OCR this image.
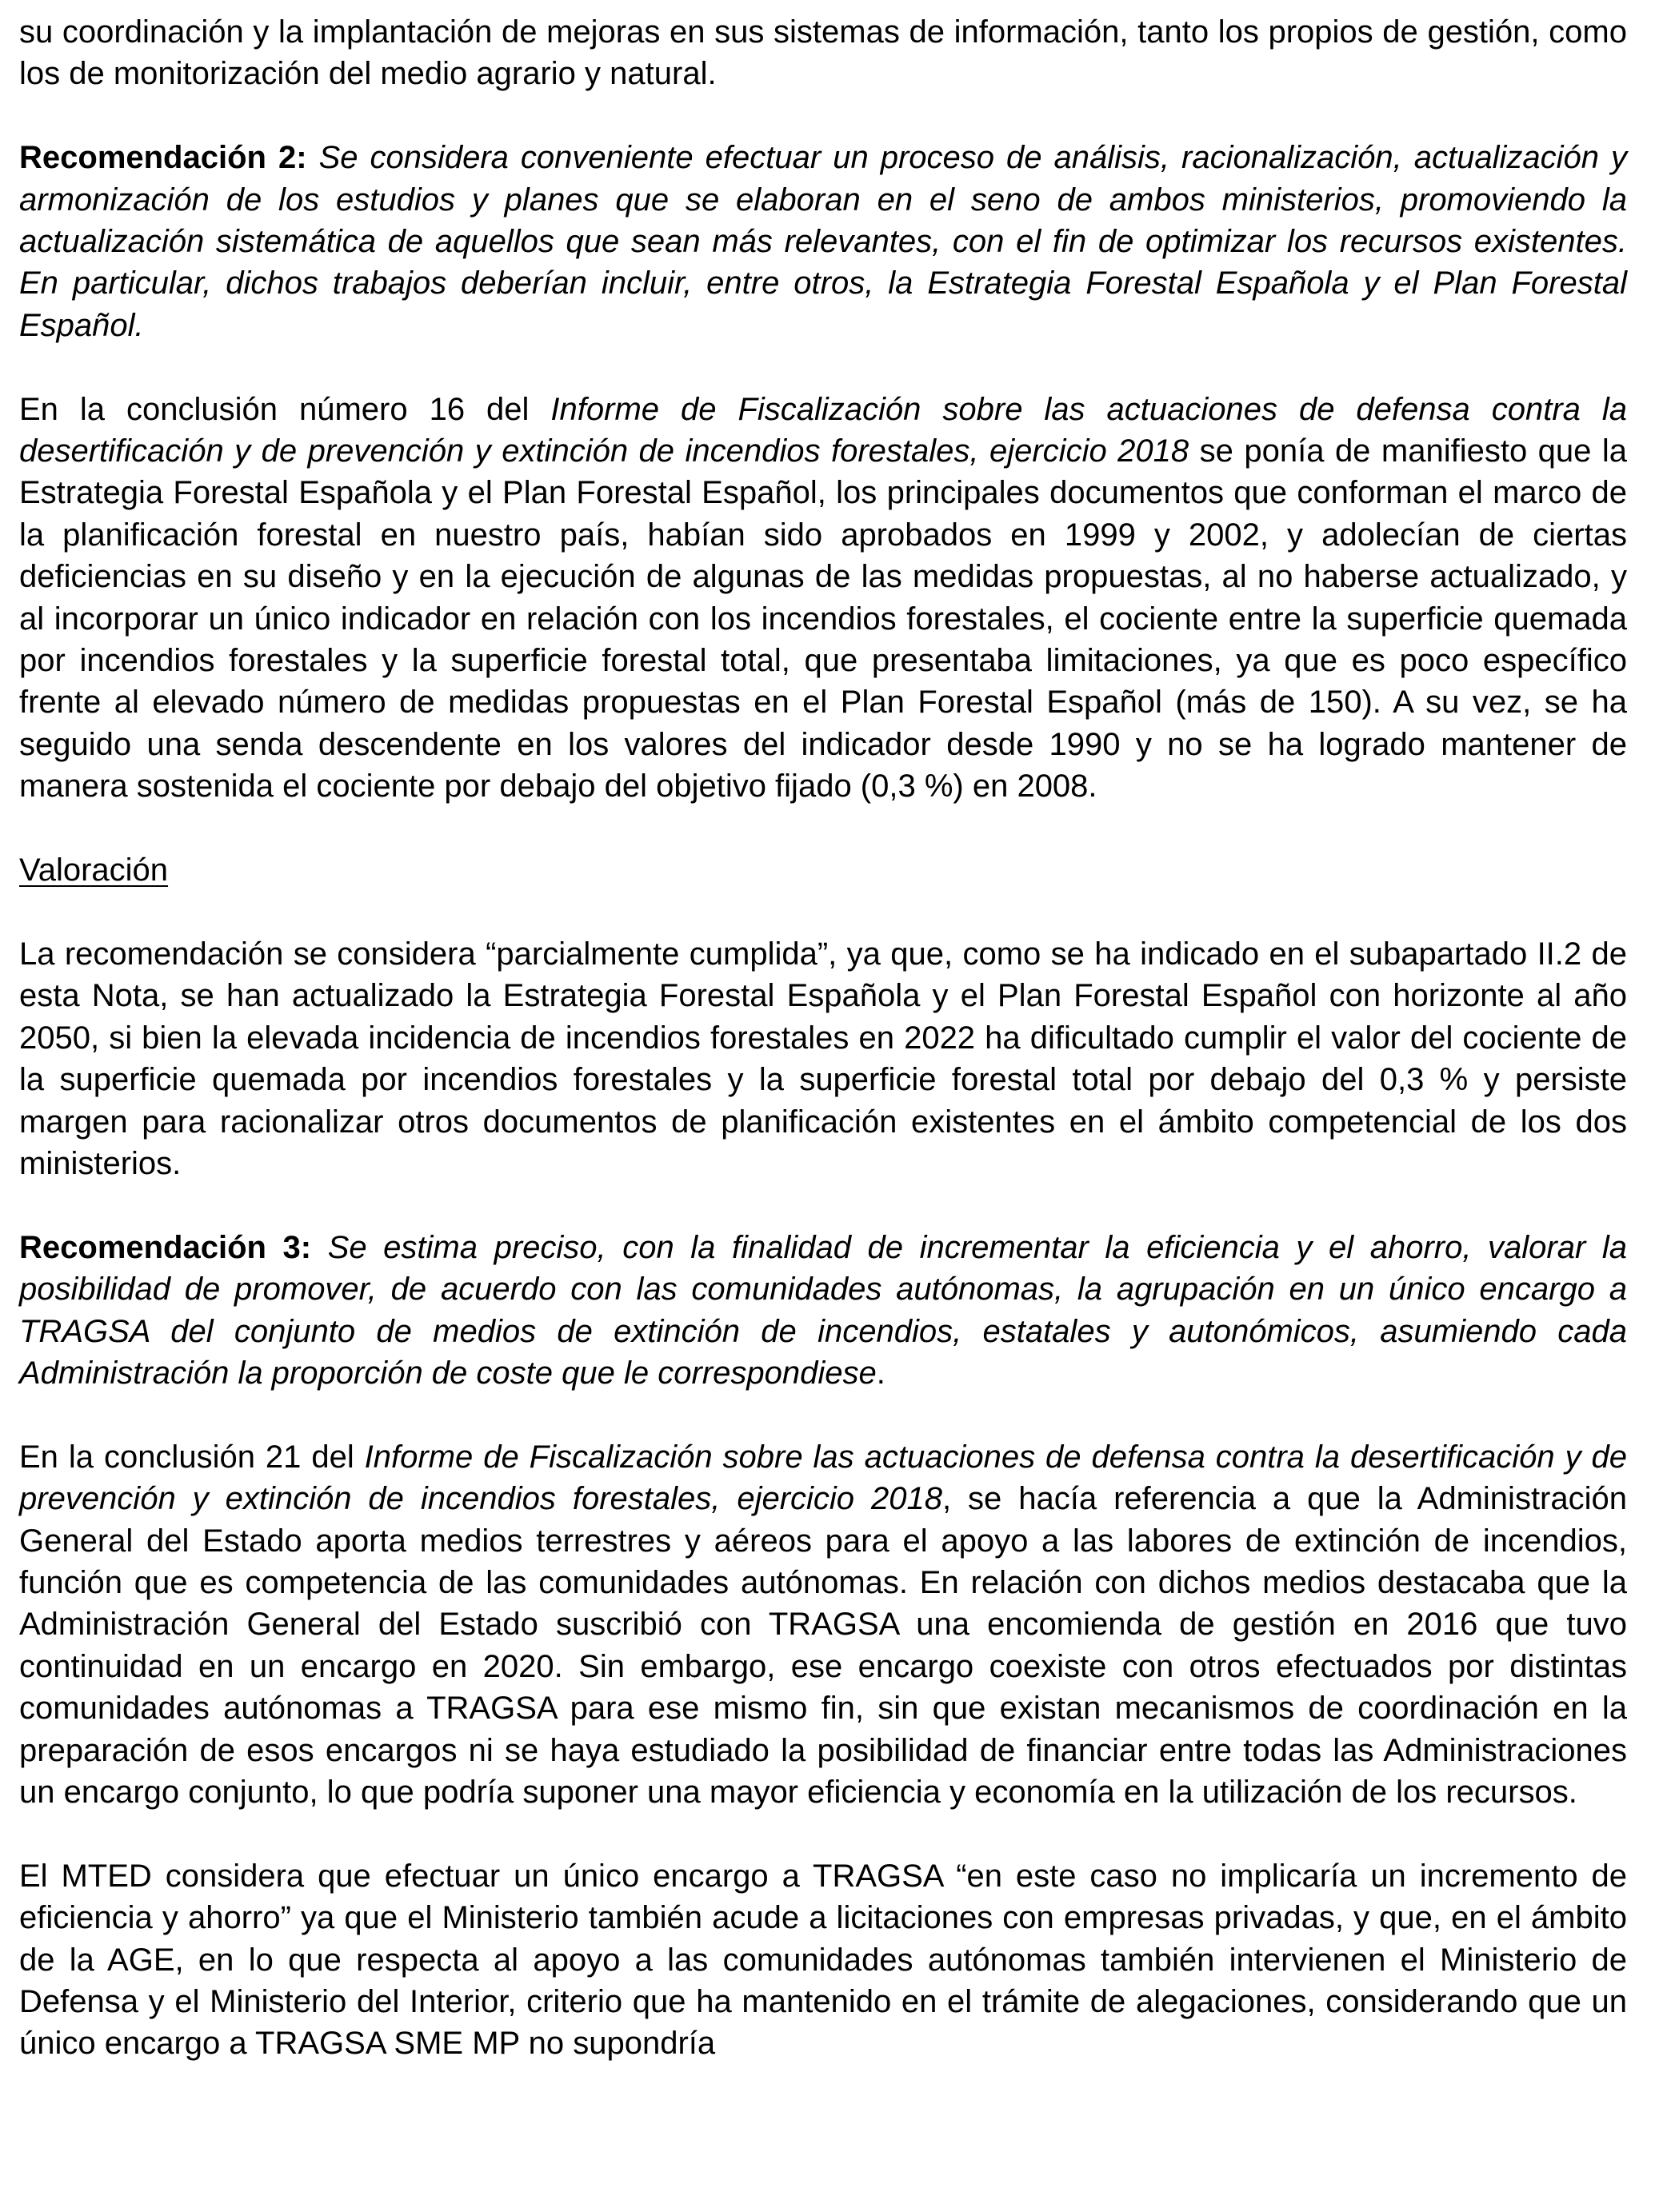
su coordinación y la implantación de mejoras en sus sistemas de información, tanto los propios de gestión, como los de monitorización del medio agrario y natural.

Recomendación 2: Se considera conveniente efectuar un proceso de análisis, racionalización, actualización y armonización de los estudios y planes que se elaboran en el seno de ambos ministerios, promoviendo la actualización sistemática de aquellos que sean más relevantes, con el fin de optimizar los recursos existentes. En particular, dichos trabajos deberían incluir, entre otros, la Estrategia Forestal Española y el Plan Forestal Español.

En la conclusión número 16 del Informe de Fiscalización sobre las actuaciones de defensa contra la desertificación y de prevención y extinción de incendios forestales, ejercicio 2018 se ponía de manifiesto que la Estrategia Forestal Española y el Plan Forestal Español, los principales documentos que conforman el marco de la planificación forestal en nuestro país, habían sido aprobados en 1999 y 2002, y adolecían de ciertas deficiencias en su diseño y en la ejecución de algunas de las medidas propuestas, al no haberse actualizado, y al incorporar un único indicador en relación con los incendios forestales, el cociente entre la superficie quemada por incendios forestales y la superficie forestal total, que presentaba limitaciones, ya que es poco específico frente al elevado número de medidas propuestas en el Plan Forestal Español (más de 150). A su vez, se ha seguido una senda descendente en los valores del indicador desde 1990 y no se ha logrado mantener de manera sostenida el cociente por debajo del objetivo fijado (0,3 %) en 2008.

Valoración

La recomendación se considera “parcialmente cumplida”, ya que, como se ha indicado en el subapartado II.2 de esta Nota, se han actualizado la Estrategia Forestal Española y el Plan Forestal Español con horizonte al año 2050, si bien la elevada incidencia de incendios forestales en 2022 ha dificultado cumplir el valor del cociente de la superficie quemada por incendios forestales y la superficie forestal total por debajo del 0,3 % y persiste margen para racionalizar otros documentos de planificación existentes en el ámbito competencial de los dos ministerios.

Recomendación 3: Se estima preciso, con la finalidad de incrementar la eficiencia y el ahorro, valorar la posibilidad de promover, de acuerdo con las comunidades autónomas, la agrupación en un único encargo a TRAGSA del conjunto de medios de extinción de incendios, estatales y autonómicos, asumiendo cada Administración la proporción de coste que le correspondiese.

En la conclusión 21 del Informe de Fiscalización sobre las actuaciones de defensa contra la desertificación y de prevención y extinción de incendios forestales, ejercicio 2018, se hacía referencia a que la Administración General del Estado aporta medios terrestres y aéreos para el apoyo a las labores de extinción de incendios, función que es competencia de las comunidades autónomas. En relación con dichos medios destacaba que la Administración General del Estado suscribió con TRAGSA una encomienda de gestión en 2016 que tuvo continuidad en un encargo en 2020. Sin embargo, ese encargo coexiste con otros efectuados por distintas comunidades autónomas a TRAGSA para ese mismo fin, sin que existan mecanismos de coordinación en la preparación de esos encargos ni se haya estudiado la posibilidad de financiar entre todas las Administraciones un encargo conjunto, lo que podría suponer una mayor eficiencia y economía en la utilización de los recursos.

El MTED considera que efectuar un único encargo a TRAGSA “en este caso no implicaría un incremento de eficiencia y ahorro” ya que el Ministerio también acude a licitaciones con empresas privadas, y que, en el ámbito de la AGE, en lo que respecta al apoyo a las comunidades autónomas también intervienen el Ministerio de Defensa y el Ministerio del Interior, criterio que ha mantenido en el trámite de alegaciones, considerando que un único encargo a TRAGSA SME MP no supondría
